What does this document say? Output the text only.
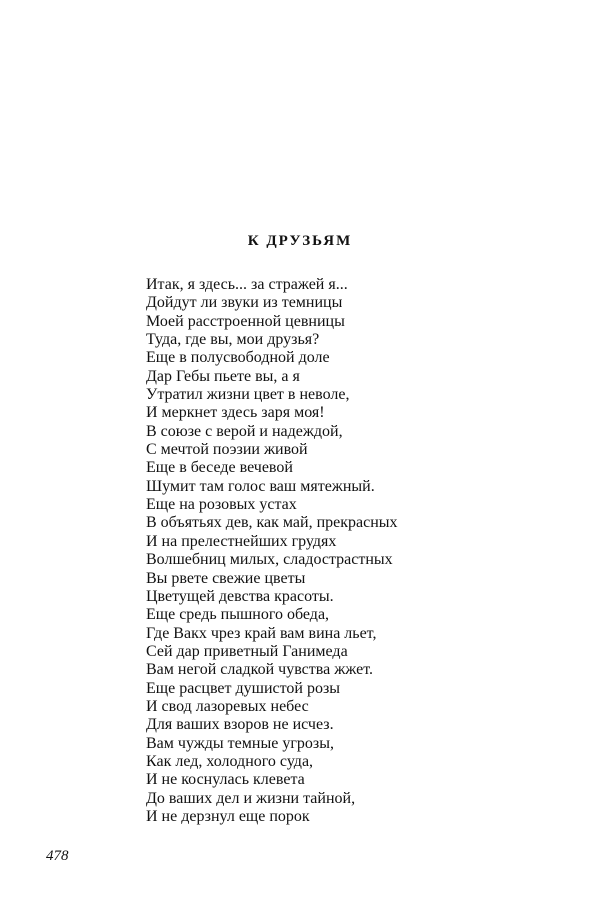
К ДРУЗЬЯМ
Итак, я здесь... за стражей я...
Дойдут ли звуки из темницы
Моей расстроенной цевницы
Туда, где вы, мои друзья?
Еще в полусвободной доле
Дар Гебы пьете вы, а я
Утратил жизни цвет в неволе,
И меркнет здесь заря моя!
В союзе с верой и надеждой,
С мечтой поэзии живой
Еще в беседе вечевой
Шумит там голос ваш мятежный.
Еще на розовых устах
В объятьях дев, как май, прекрасных
И на прелестнейших грудях
Волшебниц милых, сладострастных
Вы рвете свежие цветы
Цветущей девства красоты.
Еще средь пышного обеда,
Где Вакх чрез край вам вина льет,
Сей дар приветный Ганимеда
Вам негой сладкой чувства жжет.
Еще расцвет душистой розы
И свод лазоревых небес
Для ваших взоров не исчез.
Вам чужды темные угрозы,
Как лед, холодного суда,
И не коснулась клевета
До ваших дел и жизни тайной,
И не дерзнул еще порок
478
